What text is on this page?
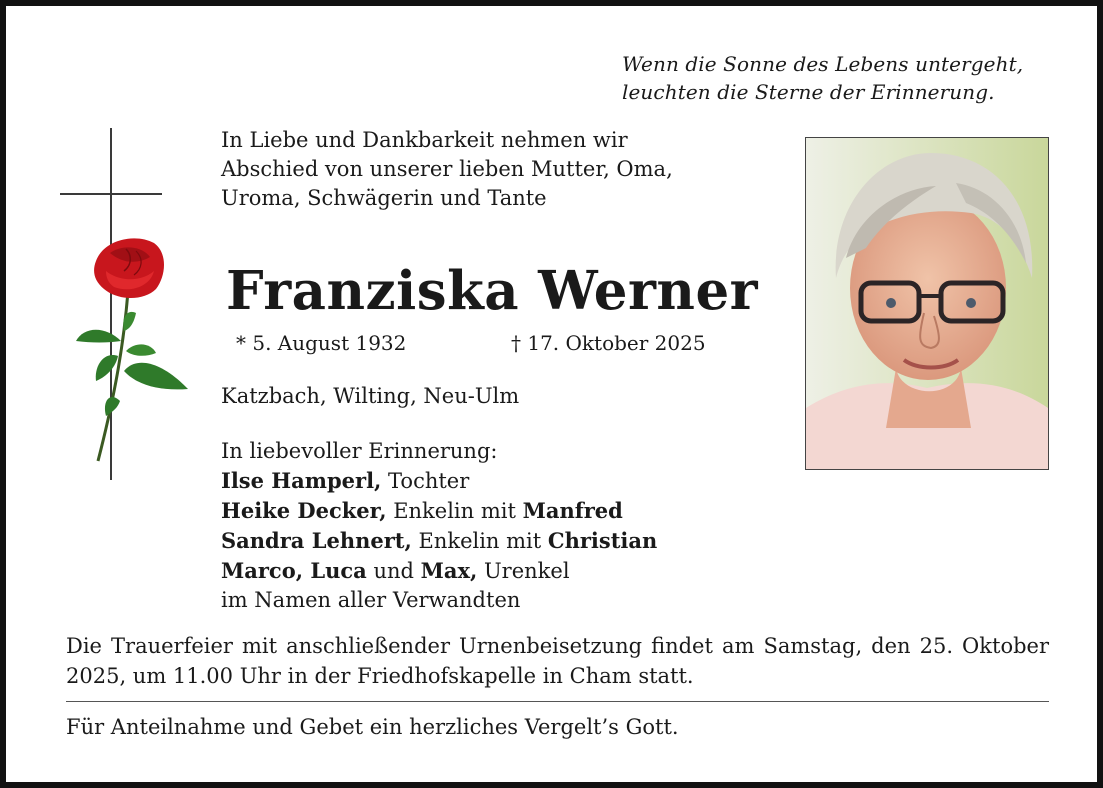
Wenn die Sonne des Lebens untergeht,
leuchten die Sterne der Erinnerung.
In Liebe und Dankbarkeit nehmen wir
Abschied von unserer lieben Mutter, Oma,
Uroma, Schwägerin und Tante
Franziska Werner
* 5. August 1932	† 17. Oktober 2025
Katzbach, Wilting, Neu-Ulm
In liebevoller Erinnerung:
Ilse Hamperl, Tochter
Heike Decker, Enkelin mit Manfred
Sandra Lehnert, Enkelin mit Christian
Marco, Luca und Max, Urenkel
im Namen aller Verwandten
Die Trauerfeier mit anschließender Urnenbeisetzung findet am Samstag, den 25. Oktober 2025, um 11.00 Uhr in der Friedhofskapelle in Cham statt.
Für Anteilnahme und Gebet ein herzliches Vergelt’s Gott.
